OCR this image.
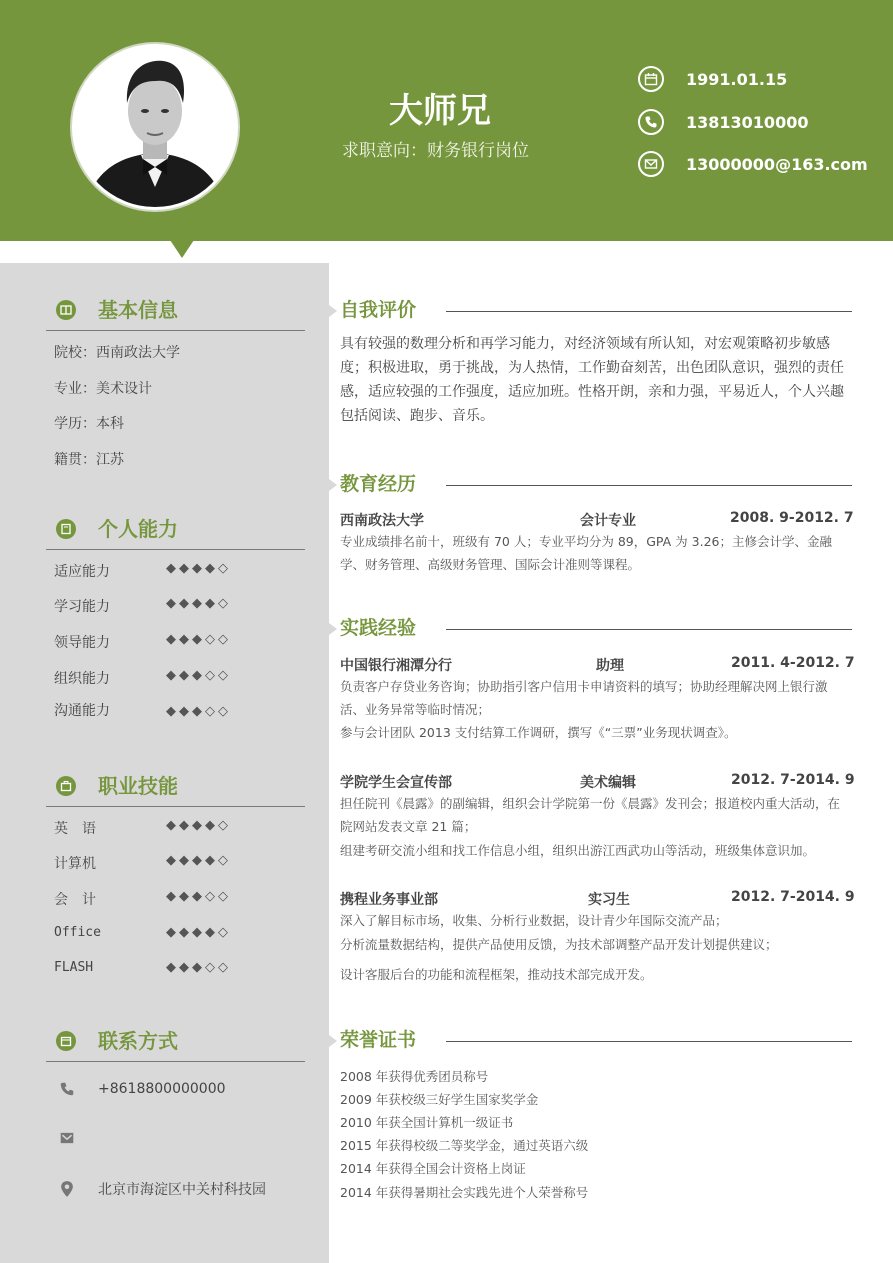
大师兄
求职意向：财务银行岗位
1991.01.15
13813010000
13000000@163.com
基本信息
院校：西南政法大学
专业：美术设计
学历：本科
籍贯：江苏
个人能力
适应能力	◆◆◆◆◇
学习能力	◆◆◆◆◇
领导能力	◆◆◆◇◇
组织能力	◆◆◆◇◇
沟通能力	◆◆◆◇◇
职业技能
英　语	◆◆◆◆◇
计算机	◆◆◆◆◇
会　计	◆◆◆◇◇
Office	◆◆◆◆◇
FLASH	◆◆◆◇◇
联系方式
+8618800000000
北京市海淀区中关村科技园
自我评价
具有较强的数理分析和再学习能力，对经济领域有所认知，对宏观策略初步敏感度；积极进取，勇于挑战，为人热情，工作勤奋刻苦，出色团队意识，强烈的责任感，适应较强的工作强度，适应加班。性格开朗，亲和力强，平易近人，个人兴趣包括阅读、跑步、音乐。
教育经历
西南政法大学	会计专业	2008. 9-2012. 7
专业成绩排名前十，班级有 70 人；专业平均分为 89，GPA 为 3.26；主修会计学、金融学、财务管理、高级财务管理、国际会计准则等课程。
实践经验
中国银行湘潭分行	助理	2011. 4-2012. 7
负责客户存贷业务咨询；协助指引客户信用卡申请资料的填写；协助经理解决网上银行激活、业务异常等临时情况；
参与会计团队 2013 支付结算工作调研，撰写《“三票”业务现状调查》。
学院学生会宣传部	美术编辑	2012. 7-2014. 9
担任院刊《晨露》的副编辑，组织会计学院第一份《晨露》发刊会；报道校内重大活动，在院网站发表文章 21 篇；
组建考研交流小组和找工作信息小组，组织出游江西武功山等活动，班级集体意识加。
携程业务事业部	实习生	2012. 7-2014. 9
深入了解目标市场，收集、分析行业数据，设计青少年国际交流产品；
分析流量数据结构，提供产品使用反馈，为技术部调整产品开发计划提供建议；
设计客服后台的功能和流程框架，推动技术部完成开发。
荣誉证书
2008 年获得优秀团员称号
2009 年获校级三好学生国家奖学金
2010 年获全国计算机一级证书
2015 年获得校级二等奖学金，通过英语六级
2014 年获得全国会计资格上岗证
2014 年获得暑期社会实践先进个人荣誉称号
